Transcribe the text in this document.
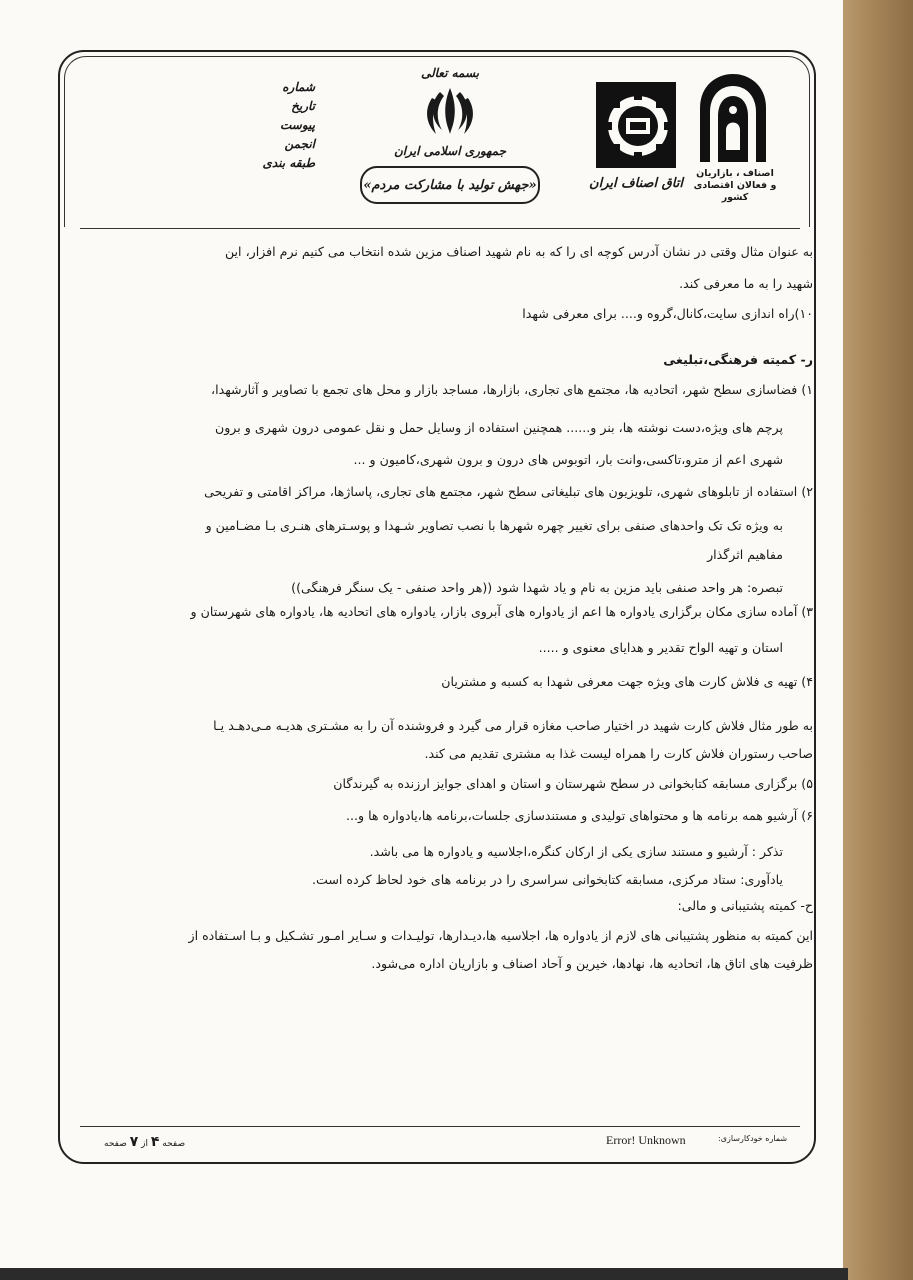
شماره
تاریخ
پیوست
انجمن
طبقه بندی
بسمه تعالی
جمهوری اسلامی ایران
«جهش تولید با مشارکت مردم»	اتاق اصناف ایران
اصناف ، بازاریان
و فعالان اقتصادی
کشور
به عنوان مثال وقتی در نشان آدرس کوچه ای را که به نام شهید اصناف مزین شده انتخاب می کنیم نرم افزار، این
شهید را به ما معرفی کند.
۱۰)راه اندازی سایت،کانال،گروه و.... برای معرفی شهدا
ر- کمیته فرهنگی،تبلیغی
۱) فضاسازی سطح شهر، اتحادیه ها، مجتمع های تجاری، بازارها، مساجد بازار و محل های تجمع با تصاویر و آثارشهدا،
پرچم های ویژه،دست نوشته ها، بنر و...... همچنین استفاده از وسایل حمل و نقل عمومی درون شهری و برون
شهری اعم از مترو،تاکسی،وانت بار، اتوبوس های درون و برون شهری،کامیون و ...
۲) استفاده از تابلوهای شهری، تلویزیون های تبلیغاتی سطح شهر، مجتمع های تجاری، پاساژها، مراکز اقامتی و تفریحی
به ویژه تک تک واحدهای صنفی برای تغییر چهره شهرها با نصب تصاویر شـهدا و پوسـترهای هنـری بـا مضـامین و
مفاهیم اثرگذار
تبصره: هر واحد صنفی باید مزین به نام و یاد شهدا شود ((هر واحد صنفی - یک سنگر فرهنگی))
۳) آماده سازی مکان برگزاری یادواره ها اعم از یادواره های آبروی بازار، یادواره های اتحادیه ها، یادواره های شهرستان و
استان و تهیه الواح تقدیر و هدایای معنوی و .....
۴) تهیه ی فلاش کارت های ویژه جهت معرفی شهدا به کسبه و مشتریان
به طور مثال فلاش کارت شهید در اختیار صاحب مغازه قرار می گیرد و فروشنده آن را به مشـتری هدیـه مـی‌دهـد یـا
صاحب رستوران فلاش کارت را همراه لیست غذا به مشتری تقدیم می کند.
۵) برگزاری مسابقه کتابخوانی در سطح شهرستان و استان و اهدای جوایز ارزنده به گیرندگان
۶) آرشیو همه برنامه ها و محتواهای تولیدی و مستندسازی جلسات،برنامه ها،یادواره ها و...
تذکر : آرشیو و مستند سازی یکی از ارکان کنگره،اجلاسیه و یادواره ها می باشد.
یادآوری: ستاد مرکزی، مسابقه کتابخوانی سراسری را در برنامه های خود لحاظ کرده است.
ح- کمیته پشتیبانی و مالی:
این کمیته به منظور پشتیبانی های لازم از یادواره ها، اجلاسیه ها،دیـدارها، تولیـدات و سـایر امـور تشـکیل و بـا اسـتفاده از
ظرفیت های اتاق ها، اتحادیه ها، نهادها، خیرین و آحاد اصناف و بازاریان اداره می‌شود.
صفحه ۴ از ۷ صفحه	Error! Unknown	شماره خودکارسازی:
